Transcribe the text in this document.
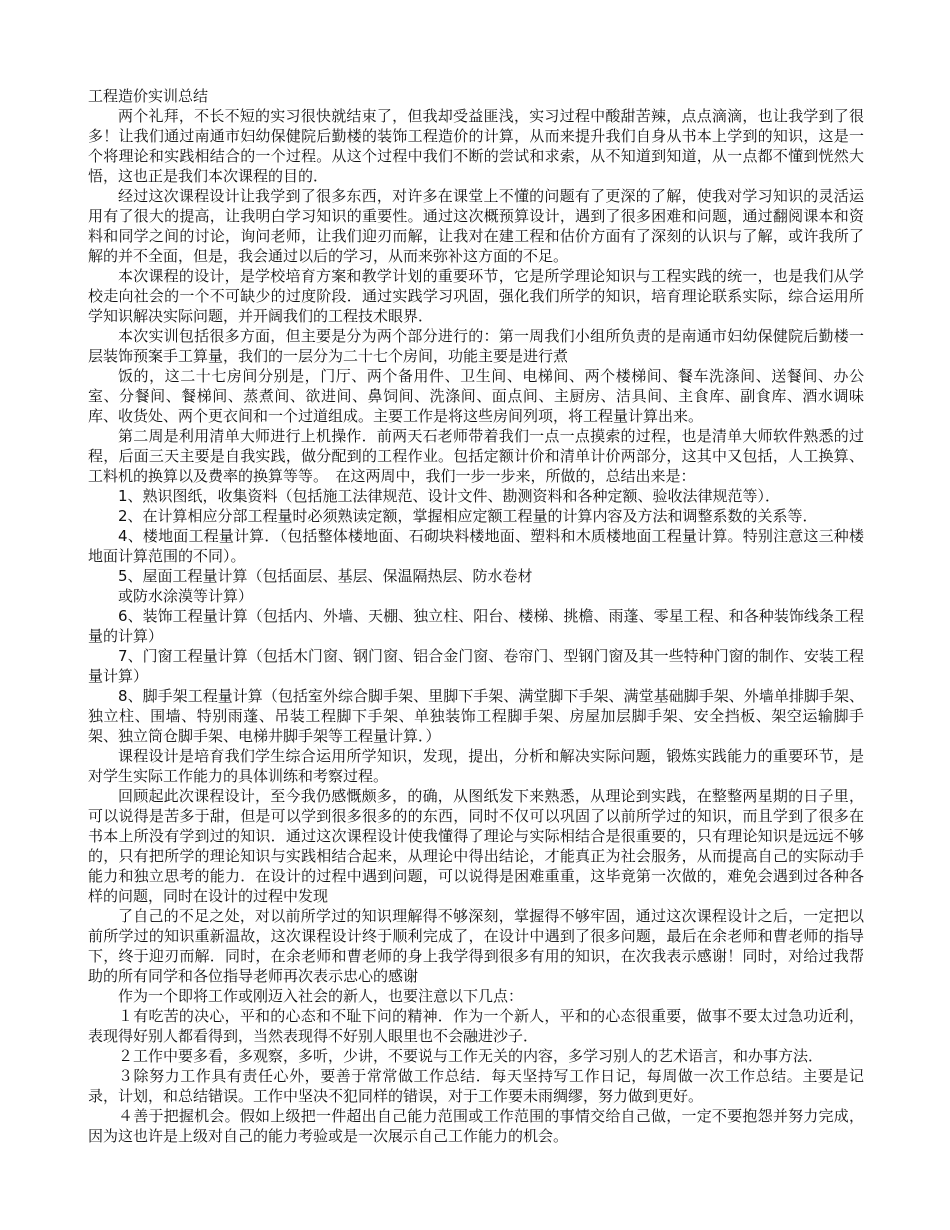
工程造价实训总结

两个礼拜，不长不短的实习很快就结束了，但我却受益匪浅，实习过程中酸甜苦辣，点点滴滴，也让我学到了很多！让我们通过南通市妇幼保健院后勤楼的装饰工程造价的计算，从而来提升我们自身从书本上学到的知识，这是一个将理论和实践相结合的一个过程。从这个过程中我们不断的尝试和求索，从不知道到知道，从一点都不懂到恍然大悟，这也正是我们本次课程的目的．

经过这次课程设计让我学到了很多东西，对许多在课堂上不懂的问题有了更深的了解，使我对学习知识的灵活运用有了很大的提高，让我明白学习知识的重要性。通过这次概预算设计，遇到了很多困难和问题，通过翻阅课本和资料和同学之间的讨论，询问老师，让我们迎刃而解，让我对在建工程和估价方面有了深刻的认识与了解，或许我所了解的并不全面，但是，我会通过以后的学习，从而来弥补这方面的不足。

本次课程的设计，是学校培育方案和教学计划的重要环节，它是所学理论知识与工程实践的统一，也是我们从学校走向社会的一个不可缺少的过度阶段．通过实践学习巩固，强化我们所学的知识，培育理论联系实际，综合运用所学知识解决实际问题，并开阔我们的工程技术眼界．

本次实训包括很多方面，但主要是分为两个部分进行的：第一周我们小组所负责的是南通市妇幼保健院后勤楼一层装饰预案手工算量，我们的一层分为二十七个房间，功能主要是进行煮

饭的，这二十七房间分别是，门厅、两个备用件、卫生间、电梯间、两个楼梯间、餐车洗涤间、送餐间、办公室、分餐间、餐梯间、蒸煮间、欲进间、鼻饲间、洗涤间、面点间、主厨房、洁具间、主食库、副食库、酒水调味库、收货处、两个更衣间和一个过道组成。主要工作是将这些房间列项，将工程量计算出来。

第二周是利用清单大师进行上机操作．前两天石老师带着我们一点一点摸索的过程，也是清单大师软件熟悉的过程，后面三天主要是自我实践，做分配到的工程作业。包括定额计价和清单计价两部分，这其中又包括，人工换算、工料机的换算以及费率的换算等等。　在这两周中，我们一步一步来，所做的，总结出来是：

1、熟识图纸，收集资料（包括施工法律规范、设计文件、勘测资料和各种定额、验收法律规范等）．

2、在计算相应分部工程量时必须熟读定额，掌握相应定额工程量的计算内容及方法和调整系数的关系等．

4、楼地面工程量计算．（包括整体楼地面、石砌块料楼地面、塑料和木质楼地面工程量计算。特别注意这三种楼地面计算范围的不同）。

5、屋面工程量计算（包括面层、基层、保温隔热层、防水卷材

或防水涂漠等计算）

6、装饰工程量计算（包括内、外墙、天棚、独立柱、阳台、楼梯、挑檐、雨蓬、零星工程、和各种装饰线条工程量的计算）

7、门窗工程量计算（包括木门窗、钢门窗、铝合金门窗、卷帘门、型钢门窗及其一些特种门窗的制作、安装工程量计算）

8、脚手架工程量计算（包括室外综合脚手架、里脚下手架、满堂脚下手架、满堂基础脚手架、外墙单排脚手架、独立柱、围墙、特别雨蓬、吊装工程脚下手架、单独装饰工程脚手架、房屋加层脚手架、安全挡板、架空运输脚手架、独立筒仓脚手架、电梯井脚手架等工程量计算．）

课程设计是培育我们学生综合运用所学知识，发现，提出，分析和解决实际问题，锻炼实践能力的重要环节，是对学生实际工作能力的具体训练和考察过程。

回顾起此次课程设计，至今我仍感慨颇多，的确，从图纸发下来熟悉，从理论到实践，在整整两星期的日子里，可以说得是苦多于甜，但是可以学到很多很多的的东西，同时不仅可以巩固了以前所学过的知识，而且学到了很多在书本上所没有学到过的知识．通过这次课程设计使我懂得了理论与实际相结合是很重要的，只有理论知识是远远不够的，只有把所学的理论知识与实践相结合起来，从理论中得出结论，才能真正为社会服务，从而提高自己的实际动手能力和独立思考的能力．在设计的过程中遇到问题，可以说得是困难重重，这毕竟第一次做的，难免会遇到过各种各样的问题，同时在设计的过程中发现

了自己的不足之处，对以前所学过的知识理解得不够深刻，掌握得不够牢固，通过这次课程设计之后，一定把以前所学过的知识重新温故，这次课程设计终于顺利完成了，在设计中遇到了很多问题，最后在余老师和曹老师的指导下，终于迎刃而解．同时，在余老师和曹老师的身上我学得到很多有用的知识，在次我表示感谢！同时，对给过我帮助的所有同学和各位指导老师再次表示忠心的感谢

作为一个即将工作或刚迈入社会的新人，也要注意以下几点：

１有吃苦的决心，平和的心态和不耻下问的精神．作为一个新人，平和的心态很重要，做事不要太过急功近利，表现得好别人都看得到，当然表现得不好别人眼里也不会融进沙子．

２工作中要多看，多观察，多听，少讲，不要说与工作无关的内容，多学习别人的艺术语言，和办事方法．

３除努力工作具有责任心外，要善于常常做工作总结．每天坚持写工作日记，每周做一次工作总结。主要是记录，计划，和总结错误。工作中坚决不犯同样的错误，对于工作要未雨绸缪，努力做到更好。

４善于把握机会。假如上级把一件超出自己能力范围或工作范围的事情交给自己做，一定不要抱怨并努力完成，因为这也许是上级对自己的能力考验或是一次展示自己工作能力的机会。
